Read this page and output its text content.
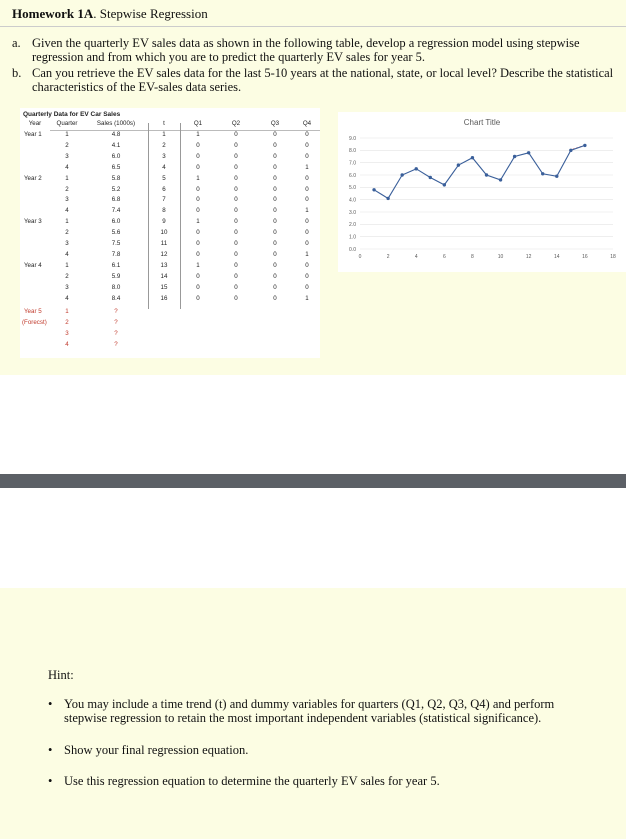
Homework 1A. Stepwise Regression
a. Given the quarterly EV sales data as shown in the following table, develop a regression model using stepwise regression and from which you are to predict the quarterly EV sales for year 5.
b. Can you retrieve the EV sales data for the last 5-10 years at the national, state, or local level? Describe the statistical characteristics of the EV-sales data series.
Quarterly Data for EV Car Sales
Year	Quarter	Sales (1000s)	t	Q1	Q2	Q3	Q4
Year 1	1	4.8	1	1	0	0	0
2	4.1	2	0	0	0	0
3	6.0	3	0	0	0	0
4	6.5	4	0	0	0	1
Year 2	1	5.8	5	1	0	0	0
2	5.2	6	0	0	0	0
3	6.8	7	0	0	0	0
4	7.4	8	0	0	0	1
Year 3	1	6.0	9	1	0	0	0
2	5.6	10	0	0	0	0
3	7.5	11	0	0	0	0
4	7.8	12	0	0	0	1
Year 4	1	6.1	13	1	0	0	0
2	5.9	14	0	0	0	0
3	8.0	15	0	0	0	0
4	8.4	16	0	0	0	1
Year 5
(Forecst)
1	?
2	?
3	?
4	?
Chart Title
0.0
1.0
2.0
3.0
4.0
5.0
6.0
7.0
8.0
9.0
0	2	4	6	8	10	12	14	16	18
Hint:
• You may include a time trend (t) and dummy variables for quarters (Q1, Q2, Q3, Q4) and perform
stepwise regression to retain the most important independent variables (statistical significance).
• Show your final regression equation.
• Use this regression equation to determine the quarterly EV sales for year 5.
